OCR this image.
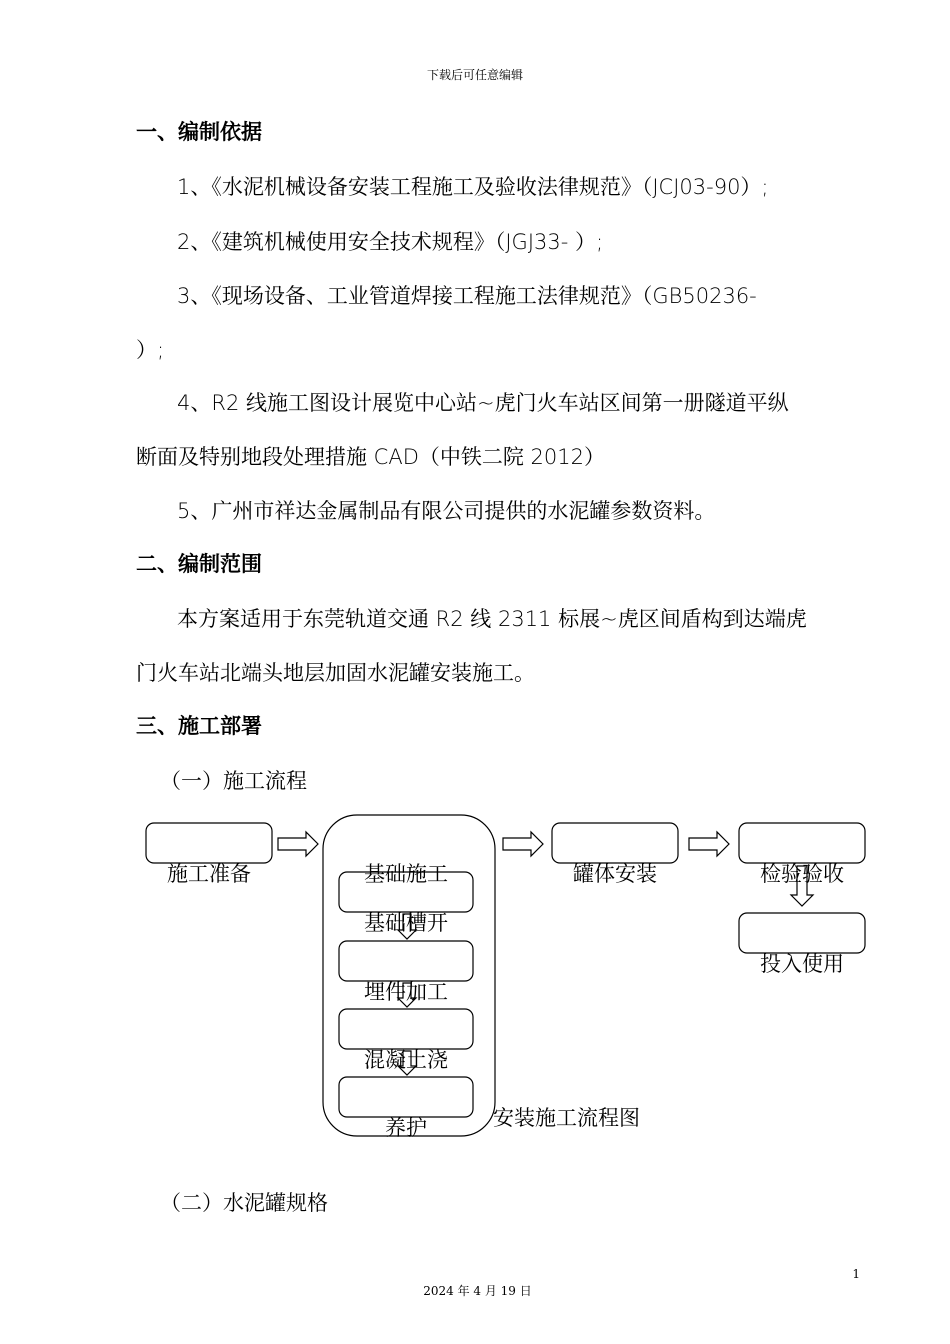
下载后可任意编辑
一、编制依据
1、《水泥机械设备安装工程施工及验收法律规范》（JCJ03-90）;
2、《建筑机械使用安全技术规程》（JGJ33- ）;
3、《现场设备、工业管道焊接工程施工法律规范》（GB50236-
）;
4、R2 线施工图设计展览中心站~虎门火车站区间第一册隧道平纵
断面及特别地段处理措施 CAD（中铁二院 2012）
5、广州市祥达金属制品有限公司提供的水泥罐参数资料。
二、编制范围
本方案适用于东莞轨道交通 R2 线 2311 标展~虎区间盾构到达端虎
门火车站北端头地层加固水泥罐安装施工。
三、施工部署
（一）施工流程
施工准备	基础施工
基础槽开
埋件加工
混凝土浇
养护
罐体安装	检验验收
投入使用
安装施工流程图
（二）水泥罐规格
1
2024 年 4 月 19 日
